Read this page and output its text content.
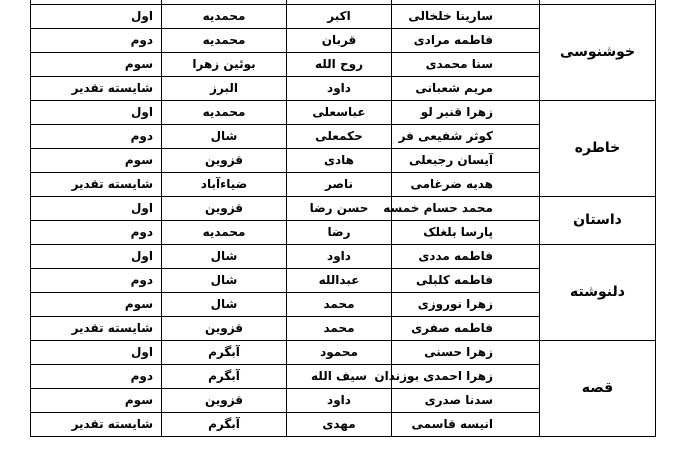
خوشنوسی	سارینا خلخالی	اکبر	محمدیه	اول
	فاطمه مرادی	قربان	محمدیه	دوم
	سنا محمدی	روح الله	بوئین زهرا	سوم
	مریم شعبانی	داود	البرز	شایسته تقدیر
خاطره	زهرا قنبر لو	عباسعلی	محمدیه	اول
	کوثر شفیعی فر	حکمعلی	شال	دوم
	آیسان رجبعلی	هادی	قزوین	سوم
	هدیه ضرغامی	ناصر	ضیاءآباد	شایسته تقدیر
داستان	محمد حسام خمسه	حسن رضا	قزوین	اول
	پارسا بلغلک	رضا	محمدیه	دوم
دلنوشته	فاطمه مددی	داود	شال	اول
	فاطمه کلبلی	عبدالله	شال	دوم
	زهرا نوروزی	محمد	شال	سوم
	فاطمه صفری	محمد	قزوین	شایسته تقدیر
قصه	زهرا حسنی	محمود	آبگرم	اول
	زهرا احمدی بوزندان	سیف الله	آبگرم	دوم
	سدنا صدری	داود	قزوین	سوم
	انیسه قاسمی	مهدی	آبگرم	شایسته تقدیر
